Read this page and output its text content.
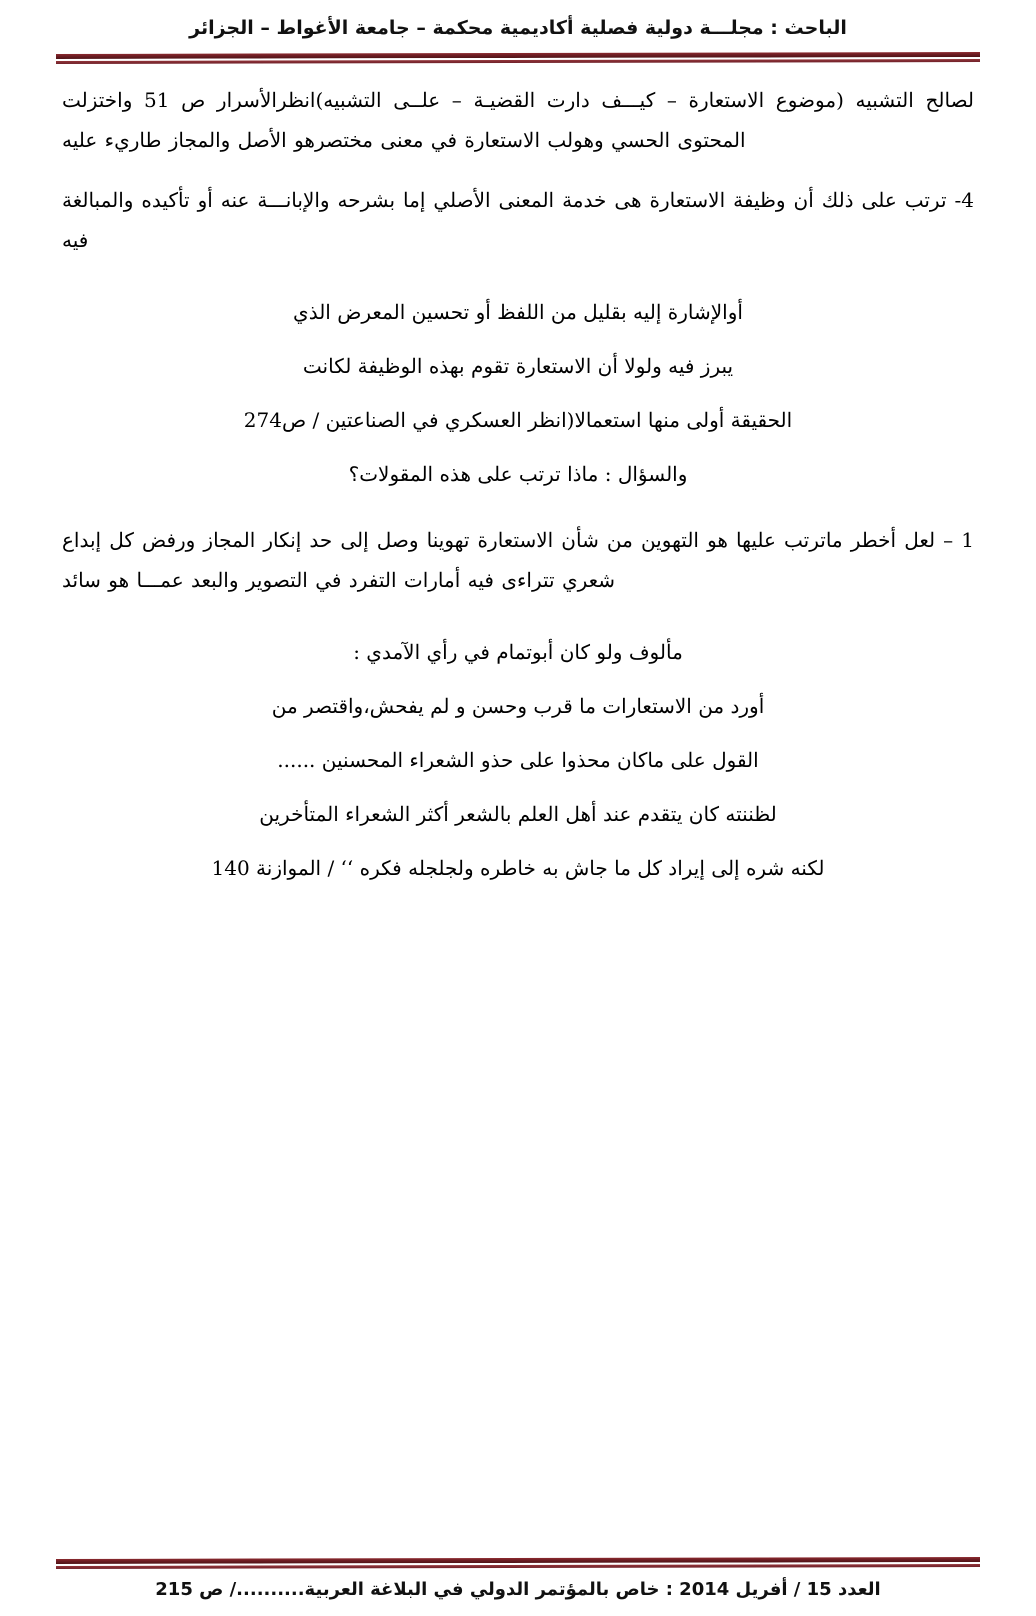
الباحث : مجلـــة دولية فصلية أكاديمية محكمة – جامعة الأغواط – الجزائر

لصالح التشبيه (موضوع الاستعارة – كيـــف دارت القضيـة – علــى التشبيه)انظرالأسرار ص 51 واختزلت المحتوى الحسي وهولب الاستعارة في معنى مختصرهو الأصل والمجاز طاريء عليه

4- ترتب على ذلك أن وظيفة الاستعارة هى خدمة المعنى الأصلي إما بشرحه والإبانـــة عنه أو تأكيده والمبالغة فيه

أوالإشارة إليه بقليل من اللفظ أو تحسين المعرض الذي

يبرز فيه ولولا أن الاستعارة تقوم بهذه الوظيفة لكانت

الحقيقة أولى منها استعمالا(انظر العسكري في الصناعتين / ص274

والسؤال : ماذا ترتب على هذه المقولات؟

1 – لعل أخطر ماترتب عليها هو التهوين من شأن الاستعارة تهوينا وصل إلى حد إنكار المجاز ورفض كل إبداع شعري تتراءى فيه أمارات التفرد في التصوير والبعد عمـــا هو سائد

مألوف ولو كان أبوتمام في رأي الآمدي :

أورد من الاستعارات ما قرب وحسن و لم يفحش،واقتصر من

القول على ماكان محذوا على حذو الشعراء المحسنين ......

لظننته كان يتقدم عند أهل العلم بالشعر أكثر الشعراء المتأخرين

لكنه شره إلى إيراد كل ما جاش به خاطره ولجلجله فكره ‘‘ / الموازنة 140

العدد 15 / أفريل 2014 : خاص بالمؤتمر الدولي في البلاغة العربية........../ ص 215
